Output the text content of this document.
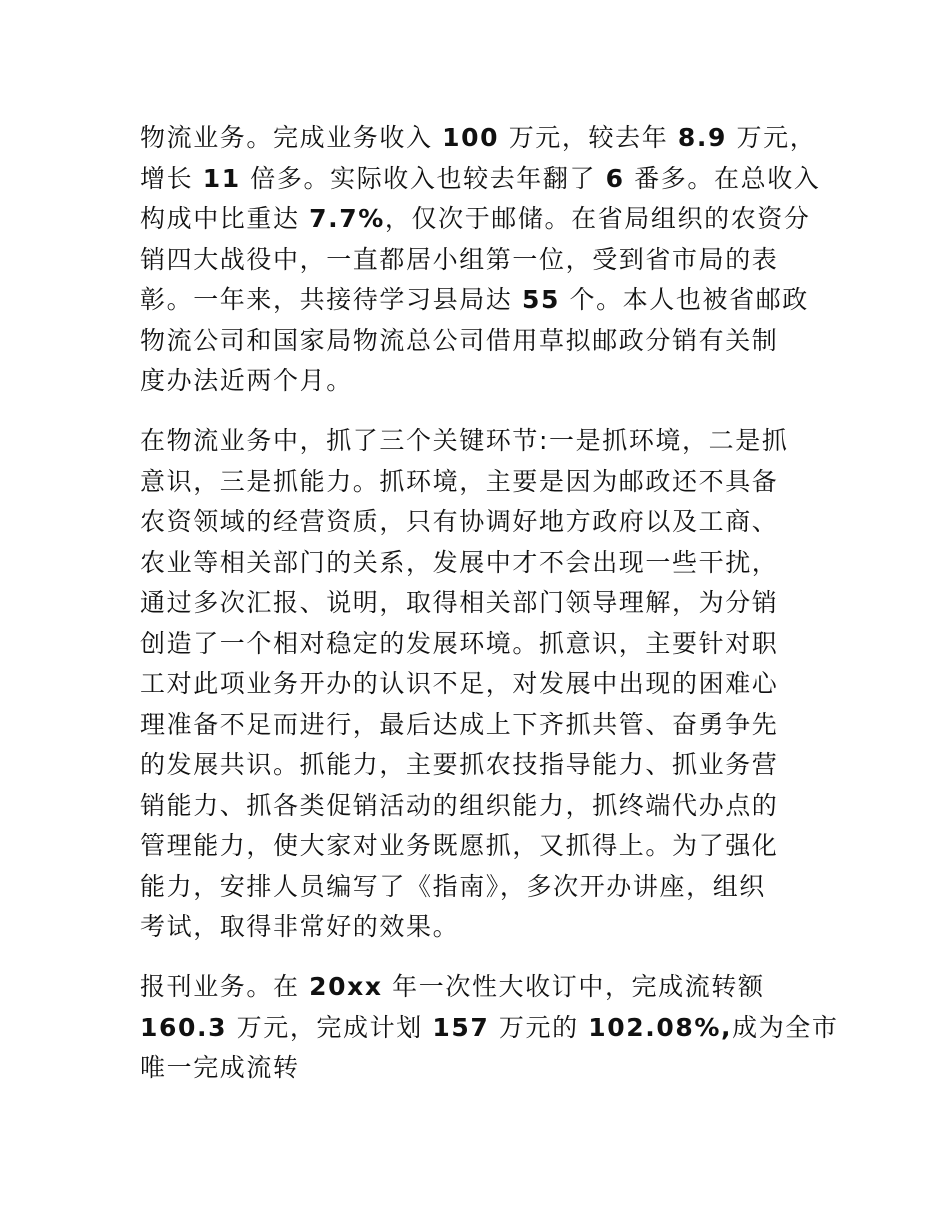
物流业务。完成业务收入 100 万元，较去年 8.9 万元，
增长 11 倍多。实际收入也较去年翻了 6 番多。在总收入
构成中比重达 7.7%，仅次于邮储。在省局组织的农资分
销四大战役中，一直都居小组第一位，受到省市局的表
彰。一年来，共接待学习县局达 55 个。本人也被省邮政
物流公司和国家局物流总公司借用草拟邮政分销有关制
度办法近两个月。
在物流业务中，抓了三个关键环节:一是抓环境，二是抓
意识，三是抓能力。抓环境，主要是因为邮政还不具备
农资领域的经营资质，只有协调好地方政府以及工商、
农业等相关部门的关系，发展中才不会出现一些干扰，
通过多次汇报、说明，取得相关部门领导理解，为分销
创造了一个相对稳定的发展环境。抓意识，主要针对职
工对此项业务开办的认识不足，对发展中出现的困难心
理准备不足而进行，最后达成上下齐抓共管、奋勇争先
的发展共识。抓能力，主要抓农技指导能力、抓业务营
销能力、抓各类促销活动的组织能力，抓终端代办点的
管理能力，使大家对业务既愿抓，又抓得上。为了强化
能力，安排人员编写了《指南》，多次开办讲座，组织
考试，取得非常好的效果。
报刊业务。在 20xx 年一次性大收订中，完成流转额
160.3 万元，完成计划 157 万元的 102.08%,成为全市
唯一完成流转
